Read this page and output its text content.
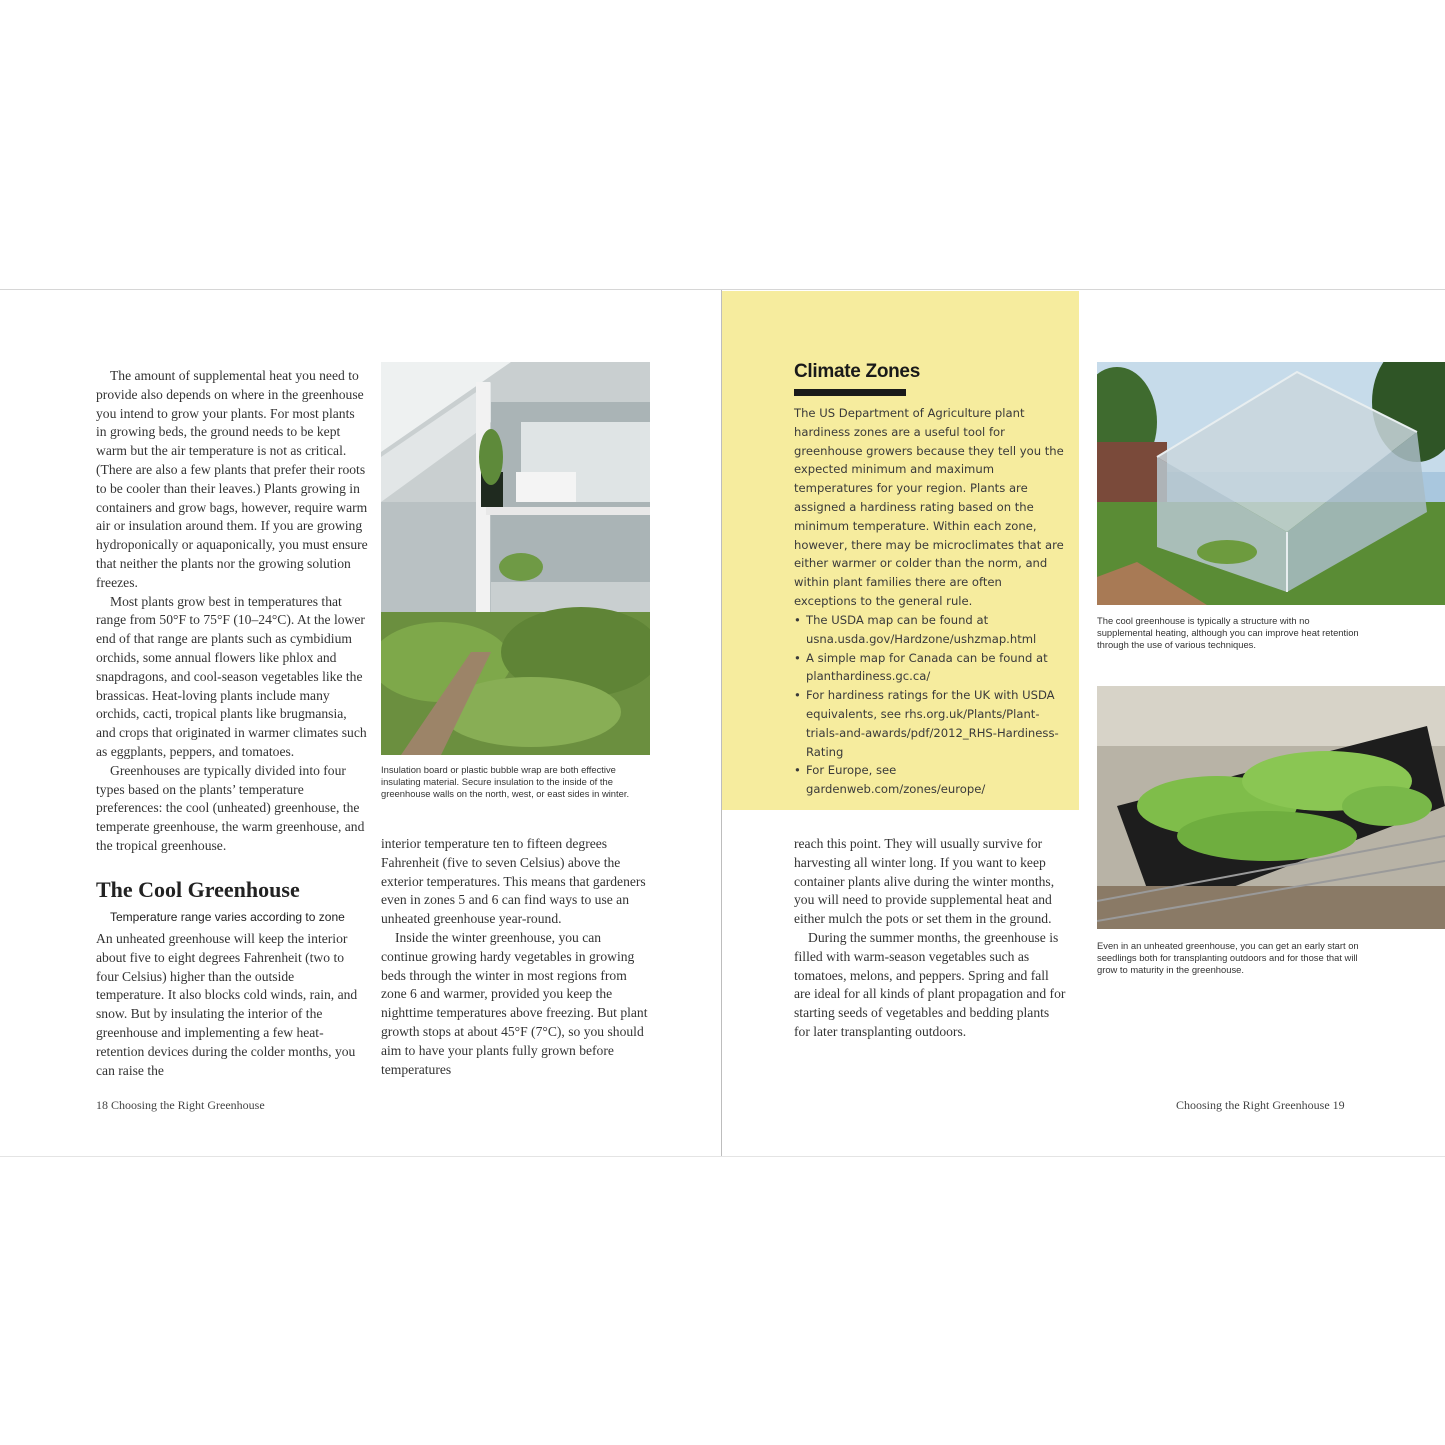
The amount of supplemental heat you need to provide also depends on where in the greenhouse you intend to grow your plants. For most plants in growing beds, the ground needs to be kept warm but the air temperature is not as critical. (There are also a few plants that prefer their roots to be cooler than their leaves.) Plants growing in containers and grow bags, however, require warm air or insulation around them. If you are growing hydroponically or aquaponically, you must ensure that neither the plants nor the growing solution freezes.

Most plants grow best in temperatures that range from 50°F to 75°F (10–24°C). At the lower end of that range are plants such as cymbidium orchids, some annual flowers like phlox and snapdragons, and cool-season vegetables like the brassicas. Heat-loving plants include many orchids, cacti, tropical plants like brugmansia, and crops that originated in warmer climates such as eggplants, peppers, and tomatoes.

Greenhouses are typically divided into four types based on the plants’ temperature preferences: the cool (unheated) greenhouse, the temperate greenhouse, the warm greenhouse, and the tropical greenhouse.

The Cool Greenhouse
Temperature range varies according to zone

An unheated greenhouse will keep the interior about five to eight degrees Fahrenheit (two to four Celsius) higher than the outside temperature. It also blocks cold winds, rain, and snow. But by insulating the interior of the greenhouse and implementing a few heat-retention devices during the colder months, you can raise the

Insulation board or plastic bubble wrap are both effective insulating material. Secure insulation to the inside of the greenhouse walls on the north, west, or east sides in winter.

interior temperature ten to fifteen degrees Fahrenheit (five to seven Celsius) above the exterior temperatures. This means that gardeners even in zones 5 and 6 can find ways to use an unheated greenhouse year-round.

Inside the winter greenhouse, you can continue growing hardy vegetables in growing beds through the winter in most regions from zone 6 and warmer, provided you keep the nighttime temperatures above freezing. But plant growth stops at about 45°F (7°C), so you should aim to have your plants fully grown before temperatures

18 Choosing the Right Greenhouse
Climate Zones
The US Department of Agriculture plant hardiness zones are a useful tool for greenhouse growers because they tell you the expected minimum and maximum temperatures for your region. Plants are assigned a hardiness rating based on the minimum temperature. Within each zone, however, there may be microclimates that are either warmer or colder than the norm, and within plant families there are often exceptions to the general rule.
• The USDA map can be found at usna.usda.gov/Hardzone/ushzmap.html
• A simple map for Canada can be found at planthardiness.gc.ca/
• For hardiness ratings for the UK with USDA equivalents, see rhs.org.uk/Plants/Plant-trials-and-awards/pdf/2012_RHS-Hardiness-Rating
• For Europe, see gardenweb.com/zones/europe/

reach this point. They will usually survive for harvesting all winter long. If you want to keep container plants alive during the winter months, you will need to provide supplemental heat and either mulch the pots or set them in the ground.

During the summer months, the greenhouse is filled with warm-season vegetables such as tomatoes, melons, and peppers. Spring and fall are ideal for all kinds of plant propagation and for starting seeds of vegetables and bedding plants for later transplanting outdoors.

The cool greenhouse is typically a structure with no supplemental heating, although you can improve heat retention through the use of various techniques.
Even in an unheated greenhouse, you can get an early start on seedlings both for transplanting outdoors and for those that will grow to maturity in the greenhouse.
Choosing the Right Greenhouse 19
